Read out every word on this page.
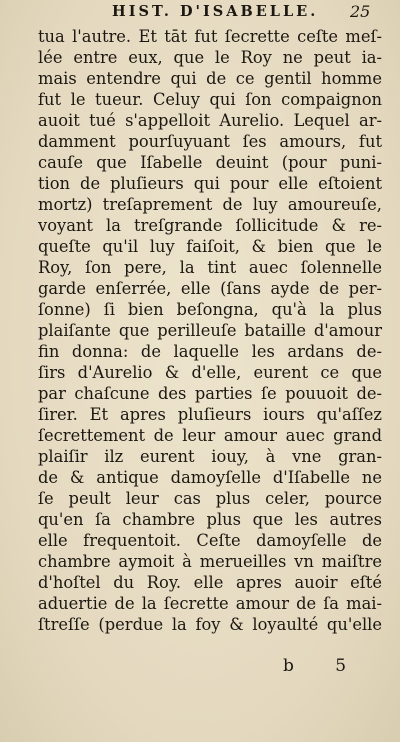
HIST. D'ISABELLE. 25
tua l'autre. Et tāt fut ſecrette ceſte meſ-
lée entre eux, que le Roy ne peut ia-
mais entendre qui de ce gentil homme
fut le tueur. Celuy qui ſon compaignon
auoit tué s'appelloit Aurelio. Lequel ar-
damment pourſuyuant ſes amours, fut
cauſe que Iſabelle deuint (pour puni-
tion de pluſieurs qui pour elle eſtoient
mortz) treſaprement de luy amoureuſe,
voyant la treſgrande ſollicitude & re-
queſte qu'il luy faiſoit, & bien que le
Roy, ſon pere, la tint auec ſolennelle
garde enſerrée, elle (ſans ayde de per-
ſonne) ſi bien beſongna, qu'à la plus
plaiſante que perilleuſe bataille d'amour
fin donna: de laquelle les ardans de-
ſirs d'Aurelio & d'elle, eurent ce que
par chaſcune des parties ſe pouuoit de-
ſirer. Et apres pluſieurs iours qu'aſſez
ſecrettement de leur amour auec grand
plaiſir ilz eurent iouy, à vne gran-
de & antique damoyſelle d'Iſabelle ne
ſe peult leur cas plus celer, pource
qu'en ſa chambre plus que les autres
elle frequentoit. Ceſte damoyſelle de
chambre aymoit à merueilles vn maiſtre
d'hoſtel du Roy. elle apres auoir eſté
aduertie de la ſecrette amour de ſa mai-
ſtreſſe (perdue la foy & loyaulté qu'elle
b 5
